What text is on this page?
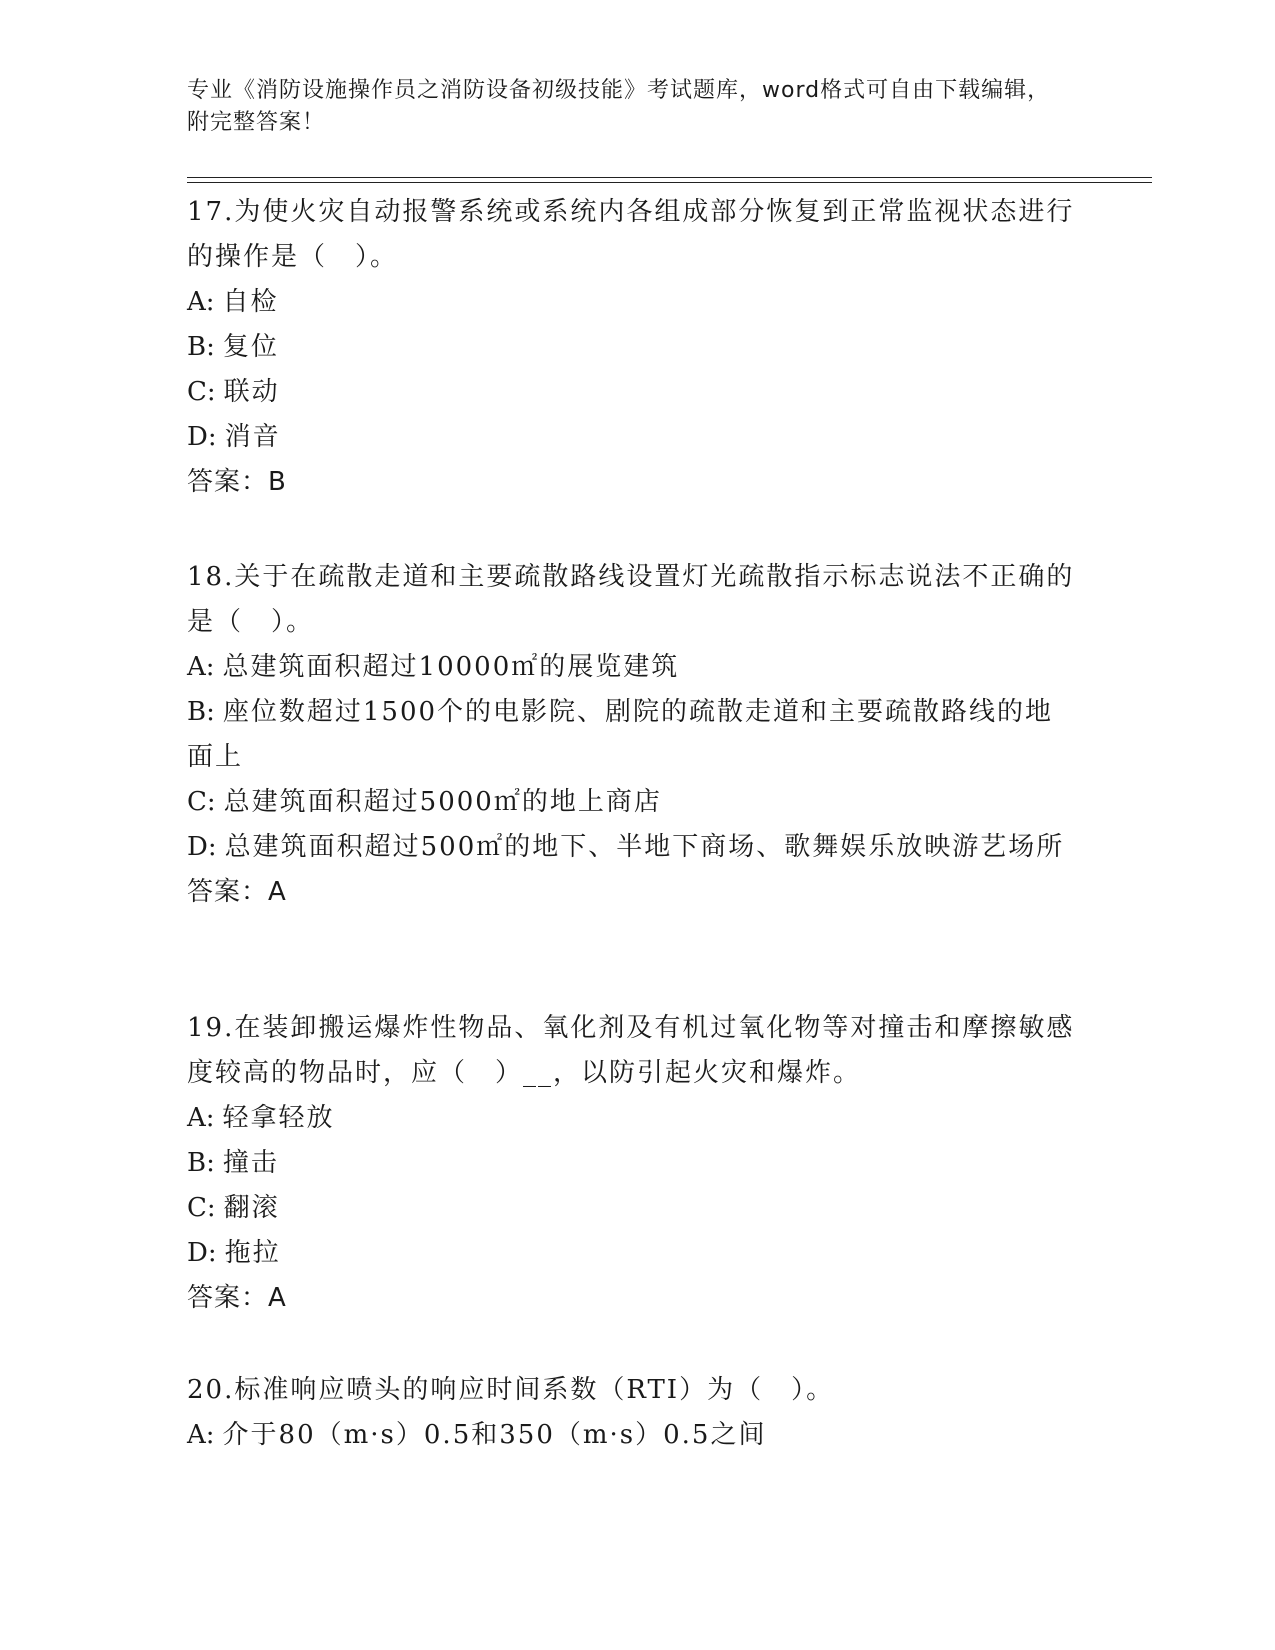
专业《消防设施操作员之消防设备初级技能》考试题库，word格式可自由下载编辑，附完整答案！

17.为使火灾自动报警系统或系统内各组成部分恢复到正常监视状态进行的操作是（　）。

A: 自检

B: 复位

C: 联动

D: 消音

答案：B

18.关于在疏散走道和主要疏散路线设置灯光疏散指示标志说法不正确的是（　）。

A: 总建筑面积超过10000㎡的展览建筑

B: 座位数超过1500个的电影院、剧院的疏散走道和主要疏散路线的地面上

C: 总建筑面积超过5000㎡的地上商店

D: 总建筑面积超过500㎡的地下、半地下商场、歌舞娱乐放映游艺场所

答案：A

19.在装卸搬运爆炸性物品、氧化剂及有机过氧化物等对撞击和摩擦敏感度较高的物品时，应（　）__，以防引起火灾和爆炸。

A: 轻拿轻放

B: 撞击

C: 翻滚

D: 拖拉

答案：A

20.标准响应喷头的响应时间系数（RTI）为（　）。

A: 介于80（m·s）0.5和350（m·s）0.5之间
